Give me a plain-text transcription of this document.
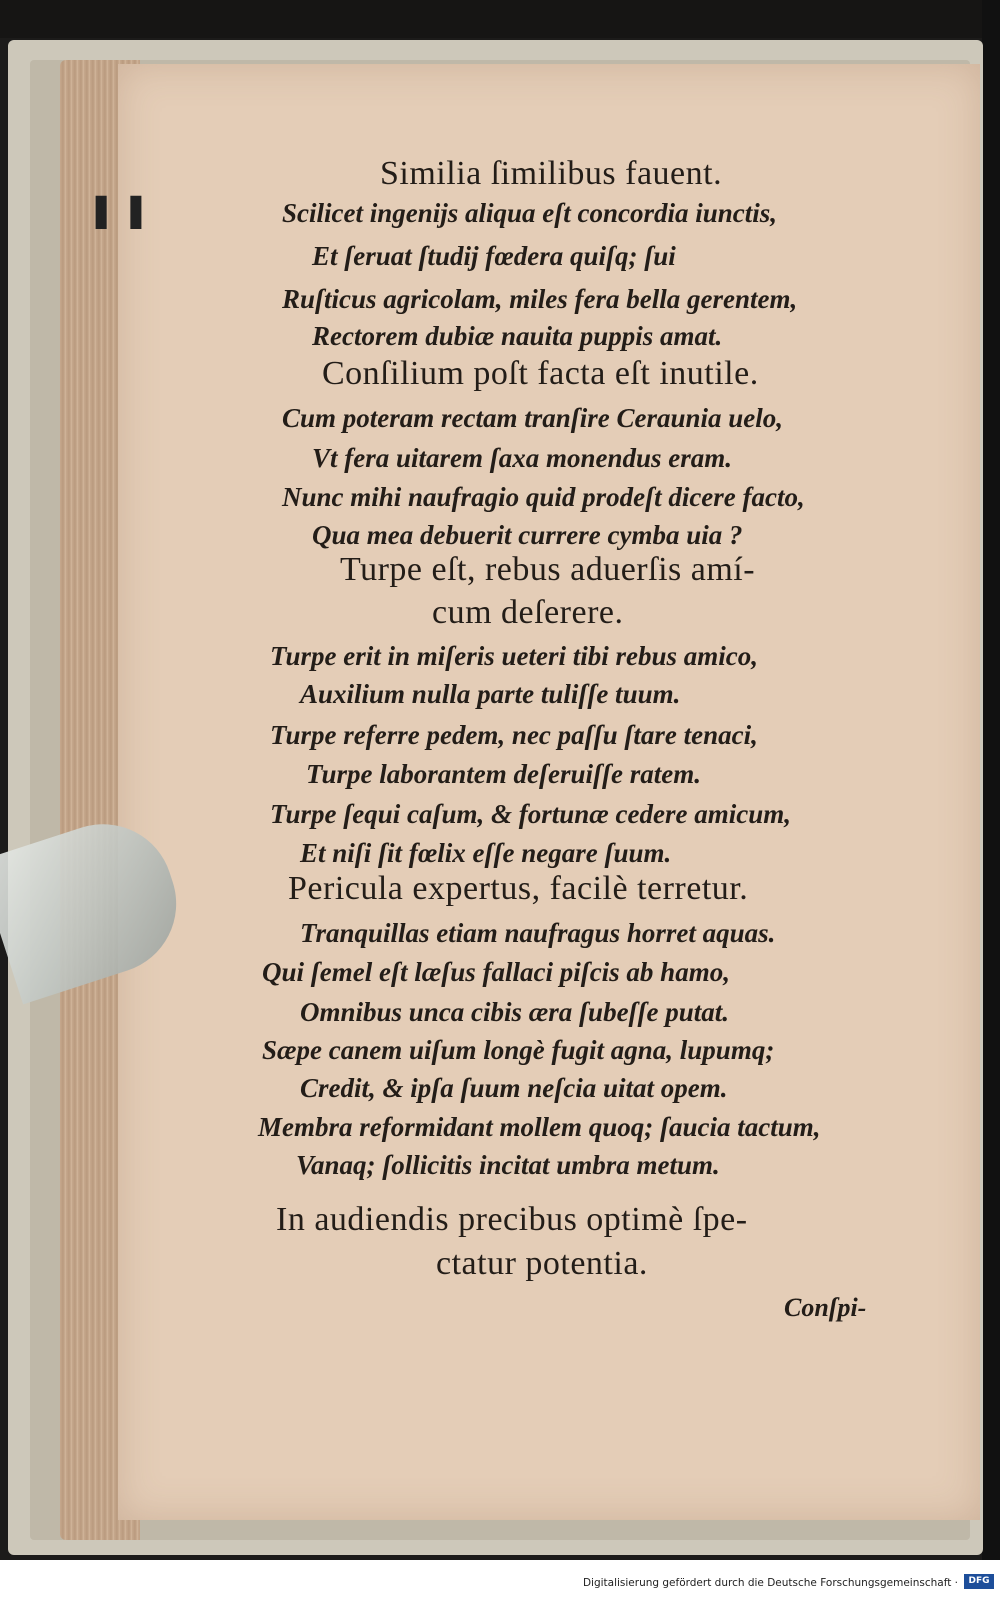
▌▐
Similia ſimilibus fauent.
Scilicet ingenijs aliqua eſt concordia iunctis,
Et ſeruat ſtudij fœdera quiſq; ſui
Ruſticus agricolam, miles fera bella gerentem,
Rectorem dubiæ nauita puppis amat.
Conſilium poſt facta eſt inutile.
Cum poteram rectam tranſire Ceraunia uelo,
Vt fera uitarem ſaxa monendus eram.
Nunc mihi naufragio quid prodeſt dicere facto,
Qua mea debuerit currere cymba uia ?
Turpe eſt, rebus aduerſis amí-
cum deſerere.
Turpe erit in miſeris ueteri tibi rebus amico,
Auxilium nulla parte tuliſſe tuum.
Turpe referre pedem, nec paſſu ſtare tenaci,
Turpe laborantem deſeruiſſe ratem.
Turpe ſequi caſum, & fortunæ cedere amicum,
Et niſi ſit fœlix eſſe negare ſuum.
Pericula expertus, facilè terretur.
Tranquillas etiam naufragus horret aquas.
Qui ſemel eſt læſus fallaci piſcis ab hamo,
Omnibus unca cibis æra ſubeſſe putat.
Sæpe canem uiſum longè fugit agna, lupumq;
Credit, & ipſa ſuum neſcia uitat opem.
Membra reformidant mollem quoq; ſaucia tactum,
Vanaq; ſollicitis incitat umbra metum.
In audiendis precibus optimè ſpe-
ctatur potentia.
Conſpi-
Digitalisierung gefördert durch die Deutsche Forschungsgemeinschaft ·	DFG
